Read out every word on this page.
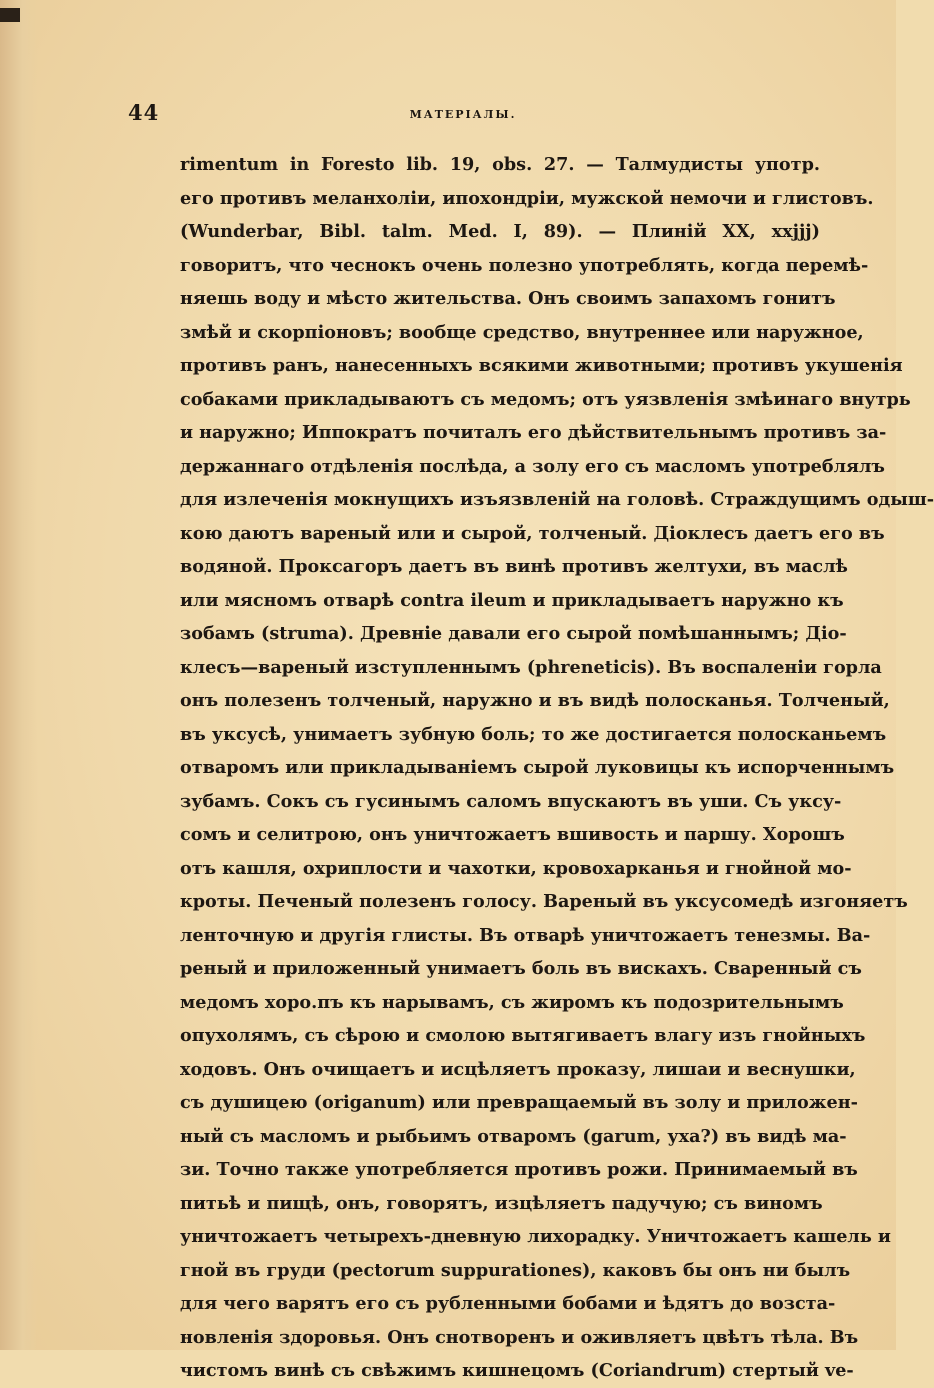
44	МАТЕРІАЛЫ.
rimentum in Foresto lib. 19, obs. 27. — Талмудисты употр.
его противъ меланхоліи, ипохондріи, мужской немочи и глистовъ.
(Wunderbar, Bibl. talm. Med. I, 89). — Плиній XX, xxjjj)
говоритъ, что чеснокъ очень полезно употреблять, когда перемѣ-
няешь воду и мѣсто жительства. Онъ своимъ запахомъ гонитъ
змѣй и скорпіоновъ; вообще средство, внутреннее или наружное,
противъ ранъ, нанесенныхъ всякими животными; противъ укушенія
собаками прикладываютъ съ медомъ; отъ уязвленія змѣинаго внутрь
и наружно; Иппократъ почиталъ его дѣйствительнымъ противъ за-
держаннаго отдѣленія послѣда, а золу его съ масломъ употреблялъ
для излеченія мокнущихъ изъязвленій на головѣ. Страждущимъ одыш-
кою даютъ вареный или и сырой, толченый. Діоклесъ даетъ его въ
водяной. Проксагоръ даетъ въ винѣ противъ желтухи, въ маслѣ
или мясномъ отварѣ contra ileum и прикладываетъ наружно къ
зобамъ (struma). Древніе давали его сырой помѣшаннымъ; Діо-
клесъ—вареный изступленнымъ (phreneticis). Въ воспаленіи горла
онъ полезенъ толченый, наружно и въ видѣ полосканья. Толченый,
въ уксусѣ, унимаетъ зубную боль; то же достигается полосканьемъ
отваромъ или прикладываніемъ сырой луковицы къ испорченнымъ
зубамъ. Сокъ съ гусинымъ саломъ впускаютъ въ уши. Съ уксу-
сомъ и селитрою, онъ уничтожаетъ вшивость и паршу. Хорошъ
отъ кашля, охриплости и чахотки, кровохарканья и гнойной мо-
кроты. Печеный полезенъ голосу. Вареный въ уксусомедѣ изгоняетъ
ленточную и другія глисты. Въ отварѣ уничтожаетъ тенезмы. Ва-
реный и приложенный унимаетъ боль въ вискахъ. Сваренный съ
медомъ хоро.пъ къ нарывамъ, съ жиромъ къ подозрительнымъ
опухолямъ, съ сѣрою и смолою вытягиваетъ влагу изъ гнойныхъ
ходовъ. Онъ очищаетъ и исцѣляетъ проказу, лишаи и веснушки,
съ душицею (origanum) или превращаемый въ золу и приложен-
ный съ масломъ и рыбьимъ отваромъ (garum, уха?) въ видѣ ма-
зи. Точно также употребляется противъ рожи. Принимаемый въ
питьѣ и пищѣ, онъ, говорятъ, изцѣляетъ падучую; съ виномъ
уничтожаетъ четырехъ-дневную лихорадку. Уничтожаетъ кашель и
гной въ груди (pectorum suppurationes), каковъ бы онъ ни былъ
для чего варятъ его съ рубленными бобами и ѣдятъ до возста-
новленія здоровья. Онъ снотворенъ и оживляетъ цвѣтъ тѣла. Въ
чистомъ винѣ съ свѣжимъ кишнецомъ (Coriandrum) стертый ve-
